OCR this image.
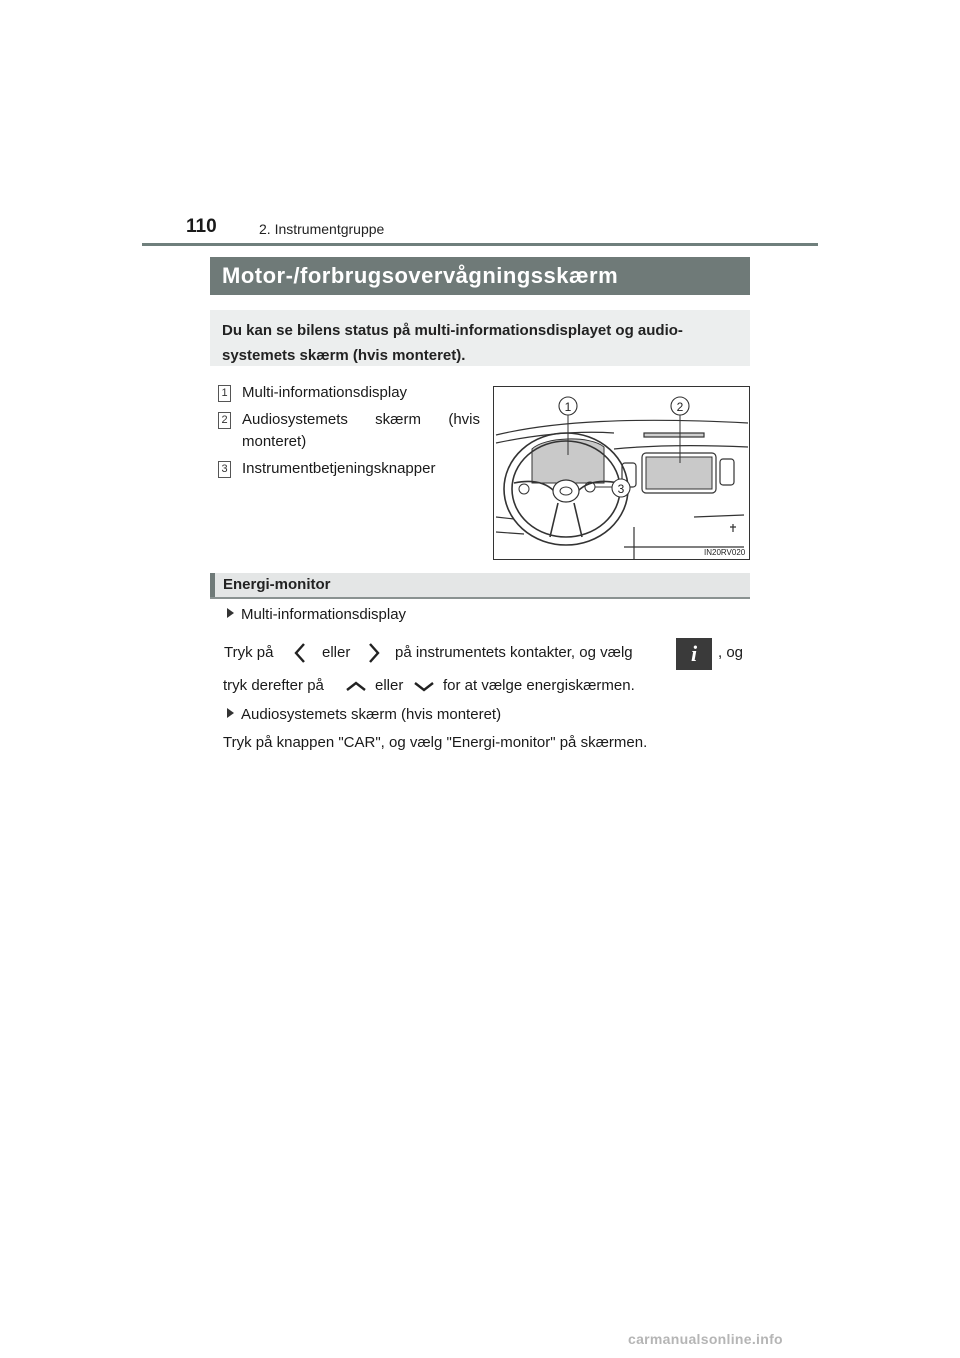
110	2. Instrumentgruppe
Motor-/forbrugsovervågningsskærm

Du kan se bilens status på multi-informationsdisplayet og audio-

systemets skærm (hvis monteret).

1 Multi-informationsdisplay
2 Audiosystemets skærm (hvis monteret)
3 Instrumentbetjeningsknapper
1	2
3
IN20RV020
Energi-monitor
Multi-informationsdisplay
Tryk på	eller	på instrumentets kontakter, og vælg	i	, og
tryk derefter på	eller	for at vælge energiskærmen.
Audiosystemets skærm (hvis monteret)
Tryk på knappen "CAR", og vælg "Energi-monitor" på skærmen.
carmanualsonline.info
